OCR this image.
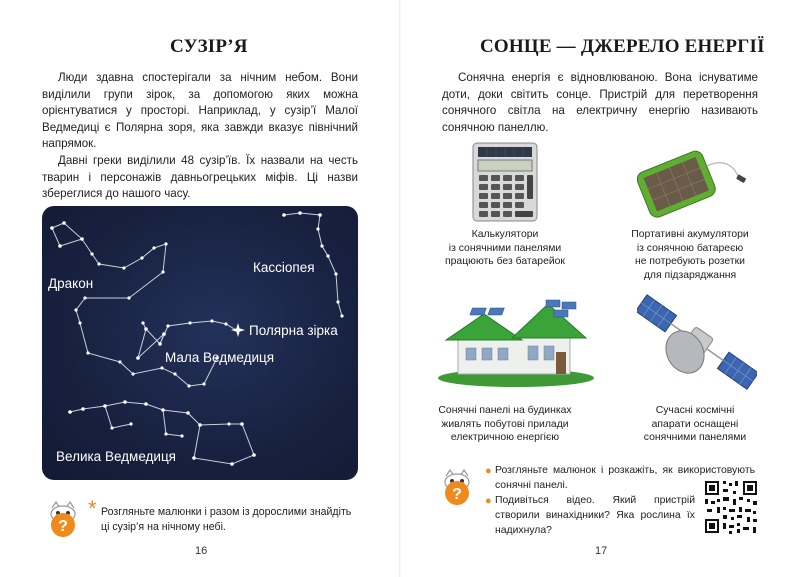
СУЗІР’Я

Люди здавна спостерігали за нічним небом. Вони виділили групи зірок, за допомогою яких можна орієнтуватися у просторі. Наприклад, у сузір’ї Малої Ведмедиці є Полярна зоря, яка завжди вказує північний напрямок.

Давні греки виділили 48 сузір’їв. Їх назвали на честь тварин і персонажів давньогрецьких міфів. Ці назви збереглися до нашого часу.

Дракон
Кассіопея
Полярна зірка
Мала Ведмедиця
Велика Ведмедиця
?
* Розгляньте малюнки і разом із дорослими знайдіть ці сузір’я на нічному небі.
16
СОНЦЕ — ДЖЕРЕЛО ЕНЕРГІЇ

Сонячна енергія є відновлюваною. Вона існуватиме доти, доки світить сонце. Пристрій для перетворення сонячного світла на електричну енергію називають сонячною панеллю.

Калькулятори
із сонячними панелями
працюють без батарейок
Портативні акумулятори
із сонячною батареєю
не потребують розетки
для підзаряджання
Сонячні панелі на будинках
живлять побутові прилади
електричною енергією
Сучасні космічні
апарати оснащені
сонячними панелями
?
● Розгляньте малюнок і розкажіть, як використовують сонячні панелі.
● Подивіться відео. Який пристрій створили винахідники? Яка рослина їх надихнула?
17
